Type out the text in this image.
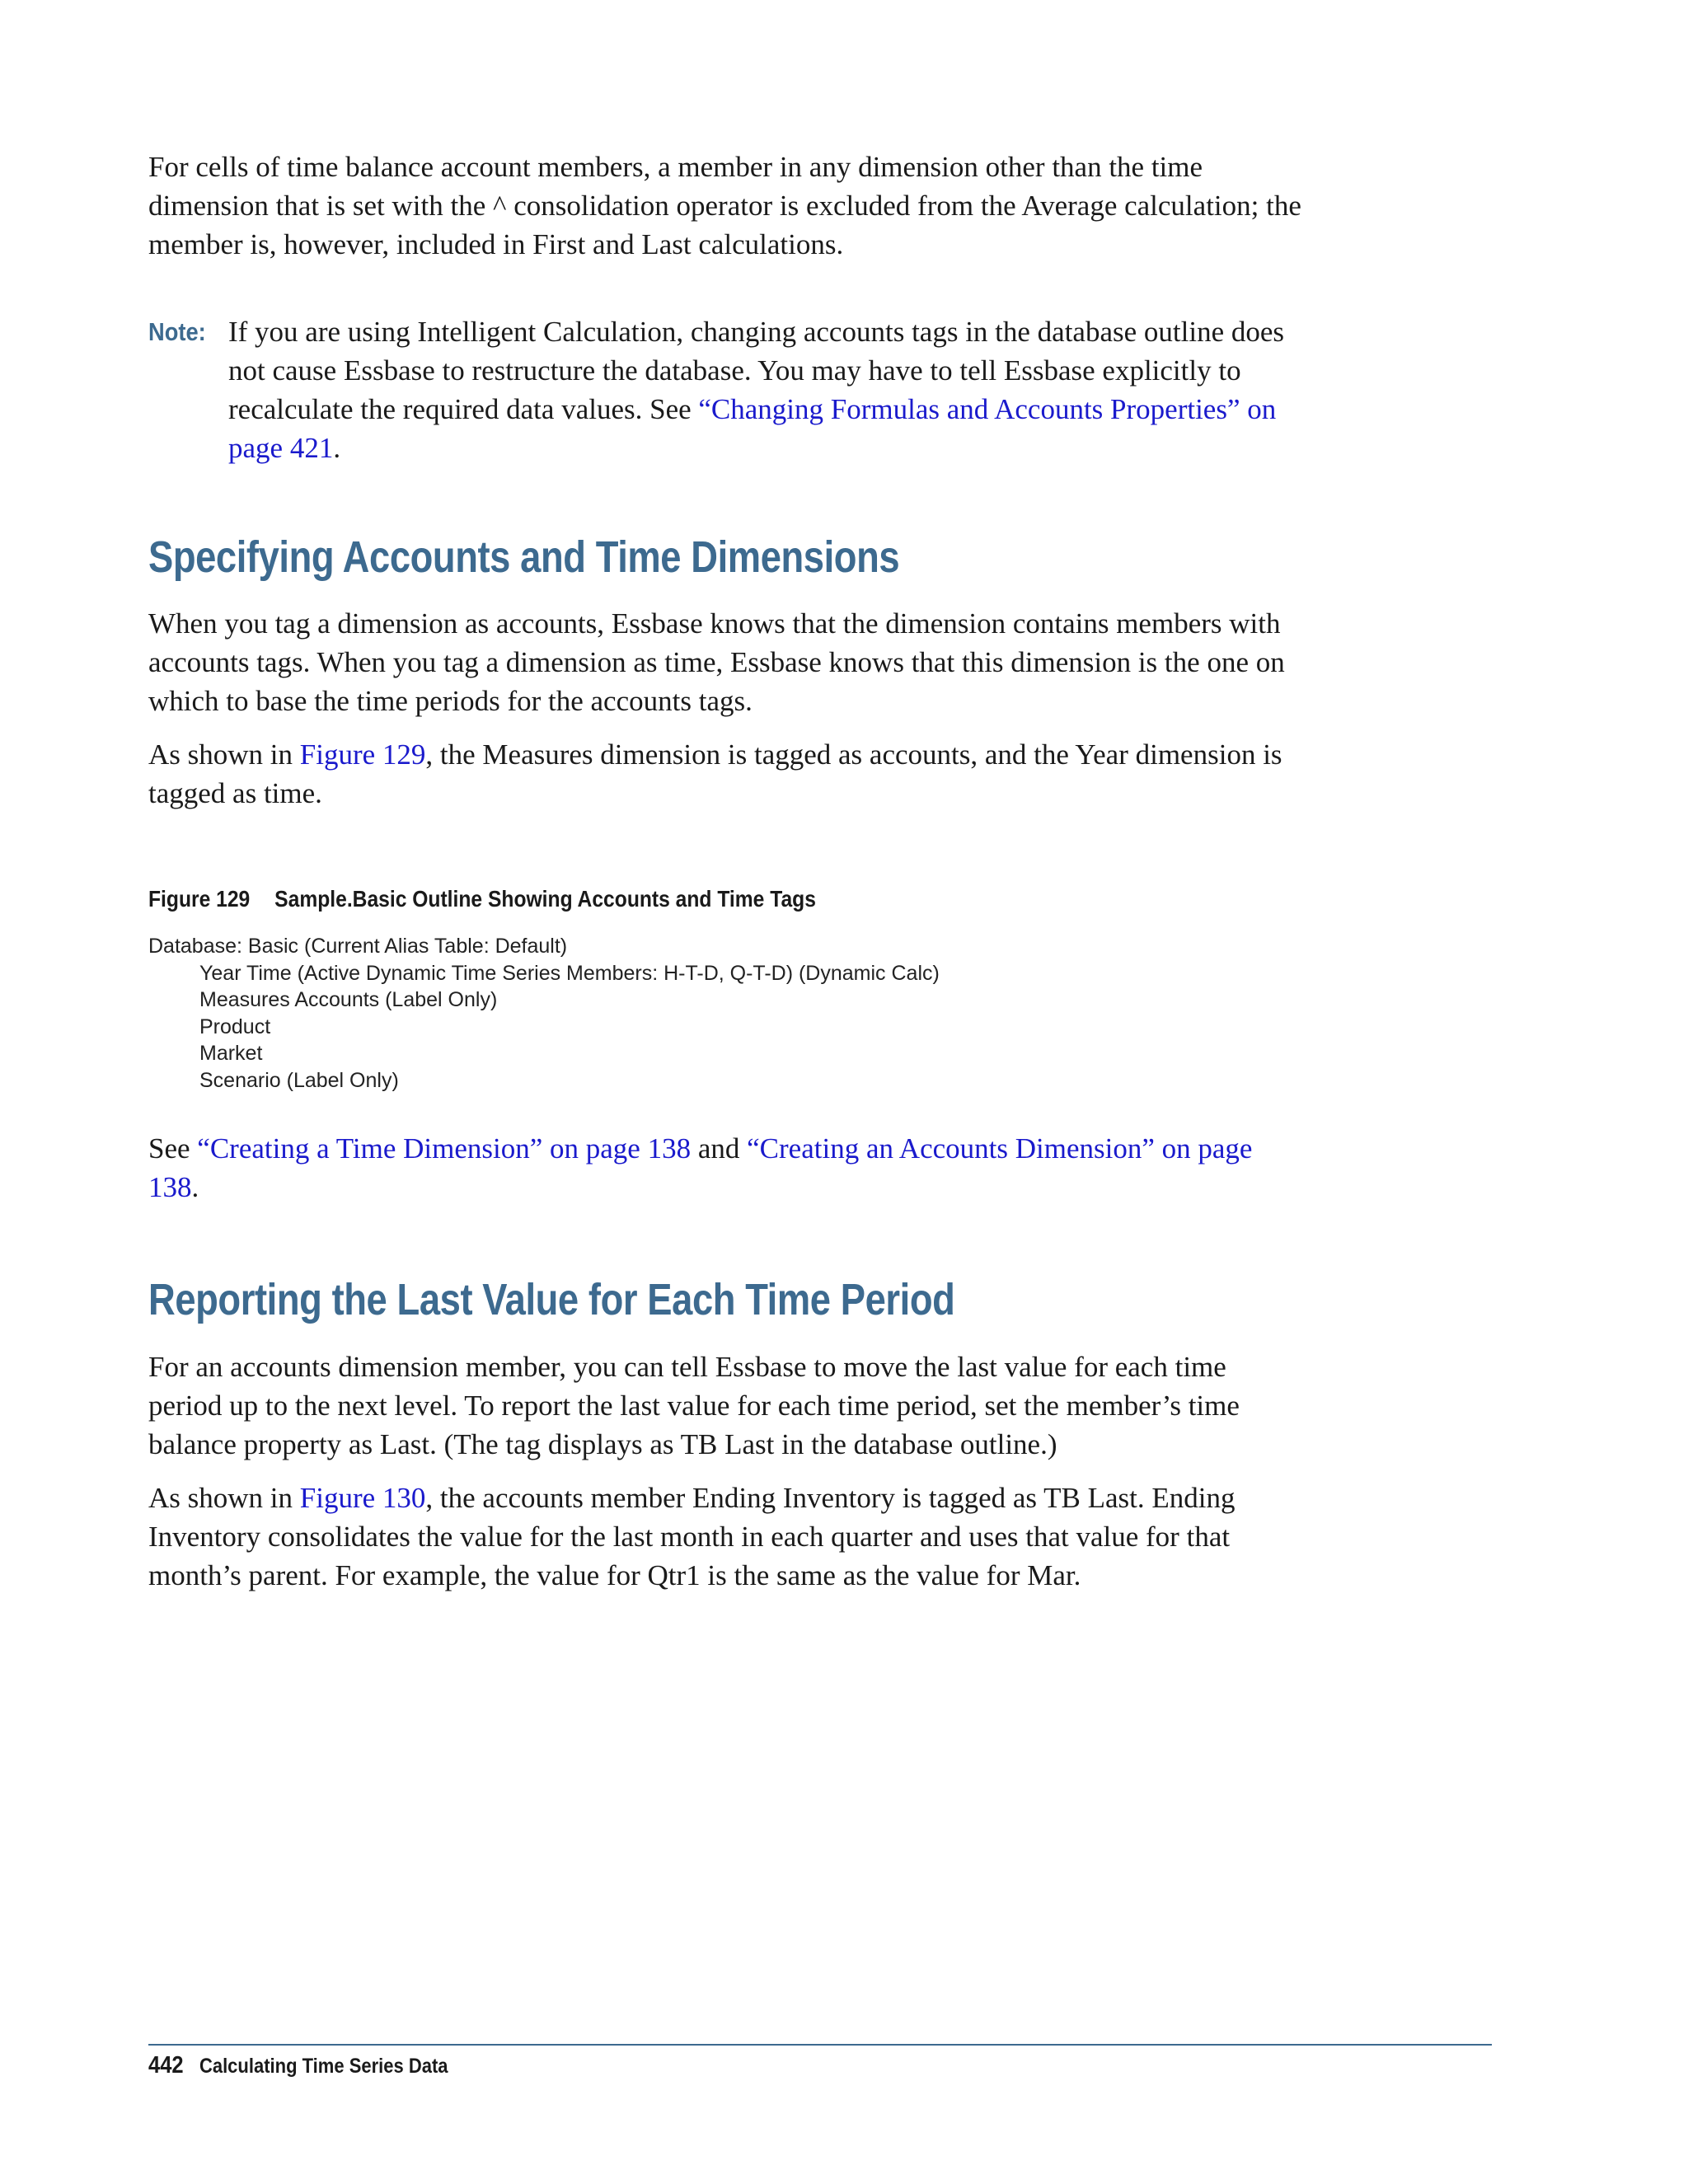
For cells of time balance account members, a member in any dimension other than the time dimension that is set with the ^ consolidation operator is excluded from the Average calculation; the member is, however, included in First and Last calculations.

Note: If you are using Intelligent Calculation, changing accounts tags in the database outline does not cause Essbase to restructure the database. You may have to tell Essbase explicitly to recalculate the required data values. See “Changing Formulas and Accounts Properties” on page 421.

Specifying Accounts and Time Dimensions

When you tag a dimension as accounts, Essbase knows that the dimension contains members with accounts tags. When you tag a dimension as time, Essbase knows that this dimension is the one on which to base the time periods for the accounts tags.

As shown in Figure 129, the Measures dimension is tagged as accounts, and the Year dimension is tagged as time.

Figure 129 Sample.Basic Outline Showing Accounts and Time Tags
Database: Basic (Current Alias Table: Default)
Year Time (Active Dynamic Time Series Members: H-T-D, Q-T-D) (Dynamic Calc)
Measures Accounts (Label Only)
Product
Market
Scenario (Label Only)

See “Creating a Time Dimension” on page 138 and “Creating an Accounts Dimension” on page 138.

Reporting the Last Value for Each Time Period

For an accounts dimension member, you can tell Essbase to move the last value for each time period up to the next level. To report the last value for each time period, set the member’s time balance property as Last. (The tag displays as TB Last in the database outline.)

As shown in Figure 130, the accounts member Ending Inventory is tagged as TB Last. Ending Inventory consolidates the value for the last month in each quarter and uses that value for that month’s parent. For example, the value for Qtr1 is the same as the value for Mar.

442 Calculating Time Series Data
